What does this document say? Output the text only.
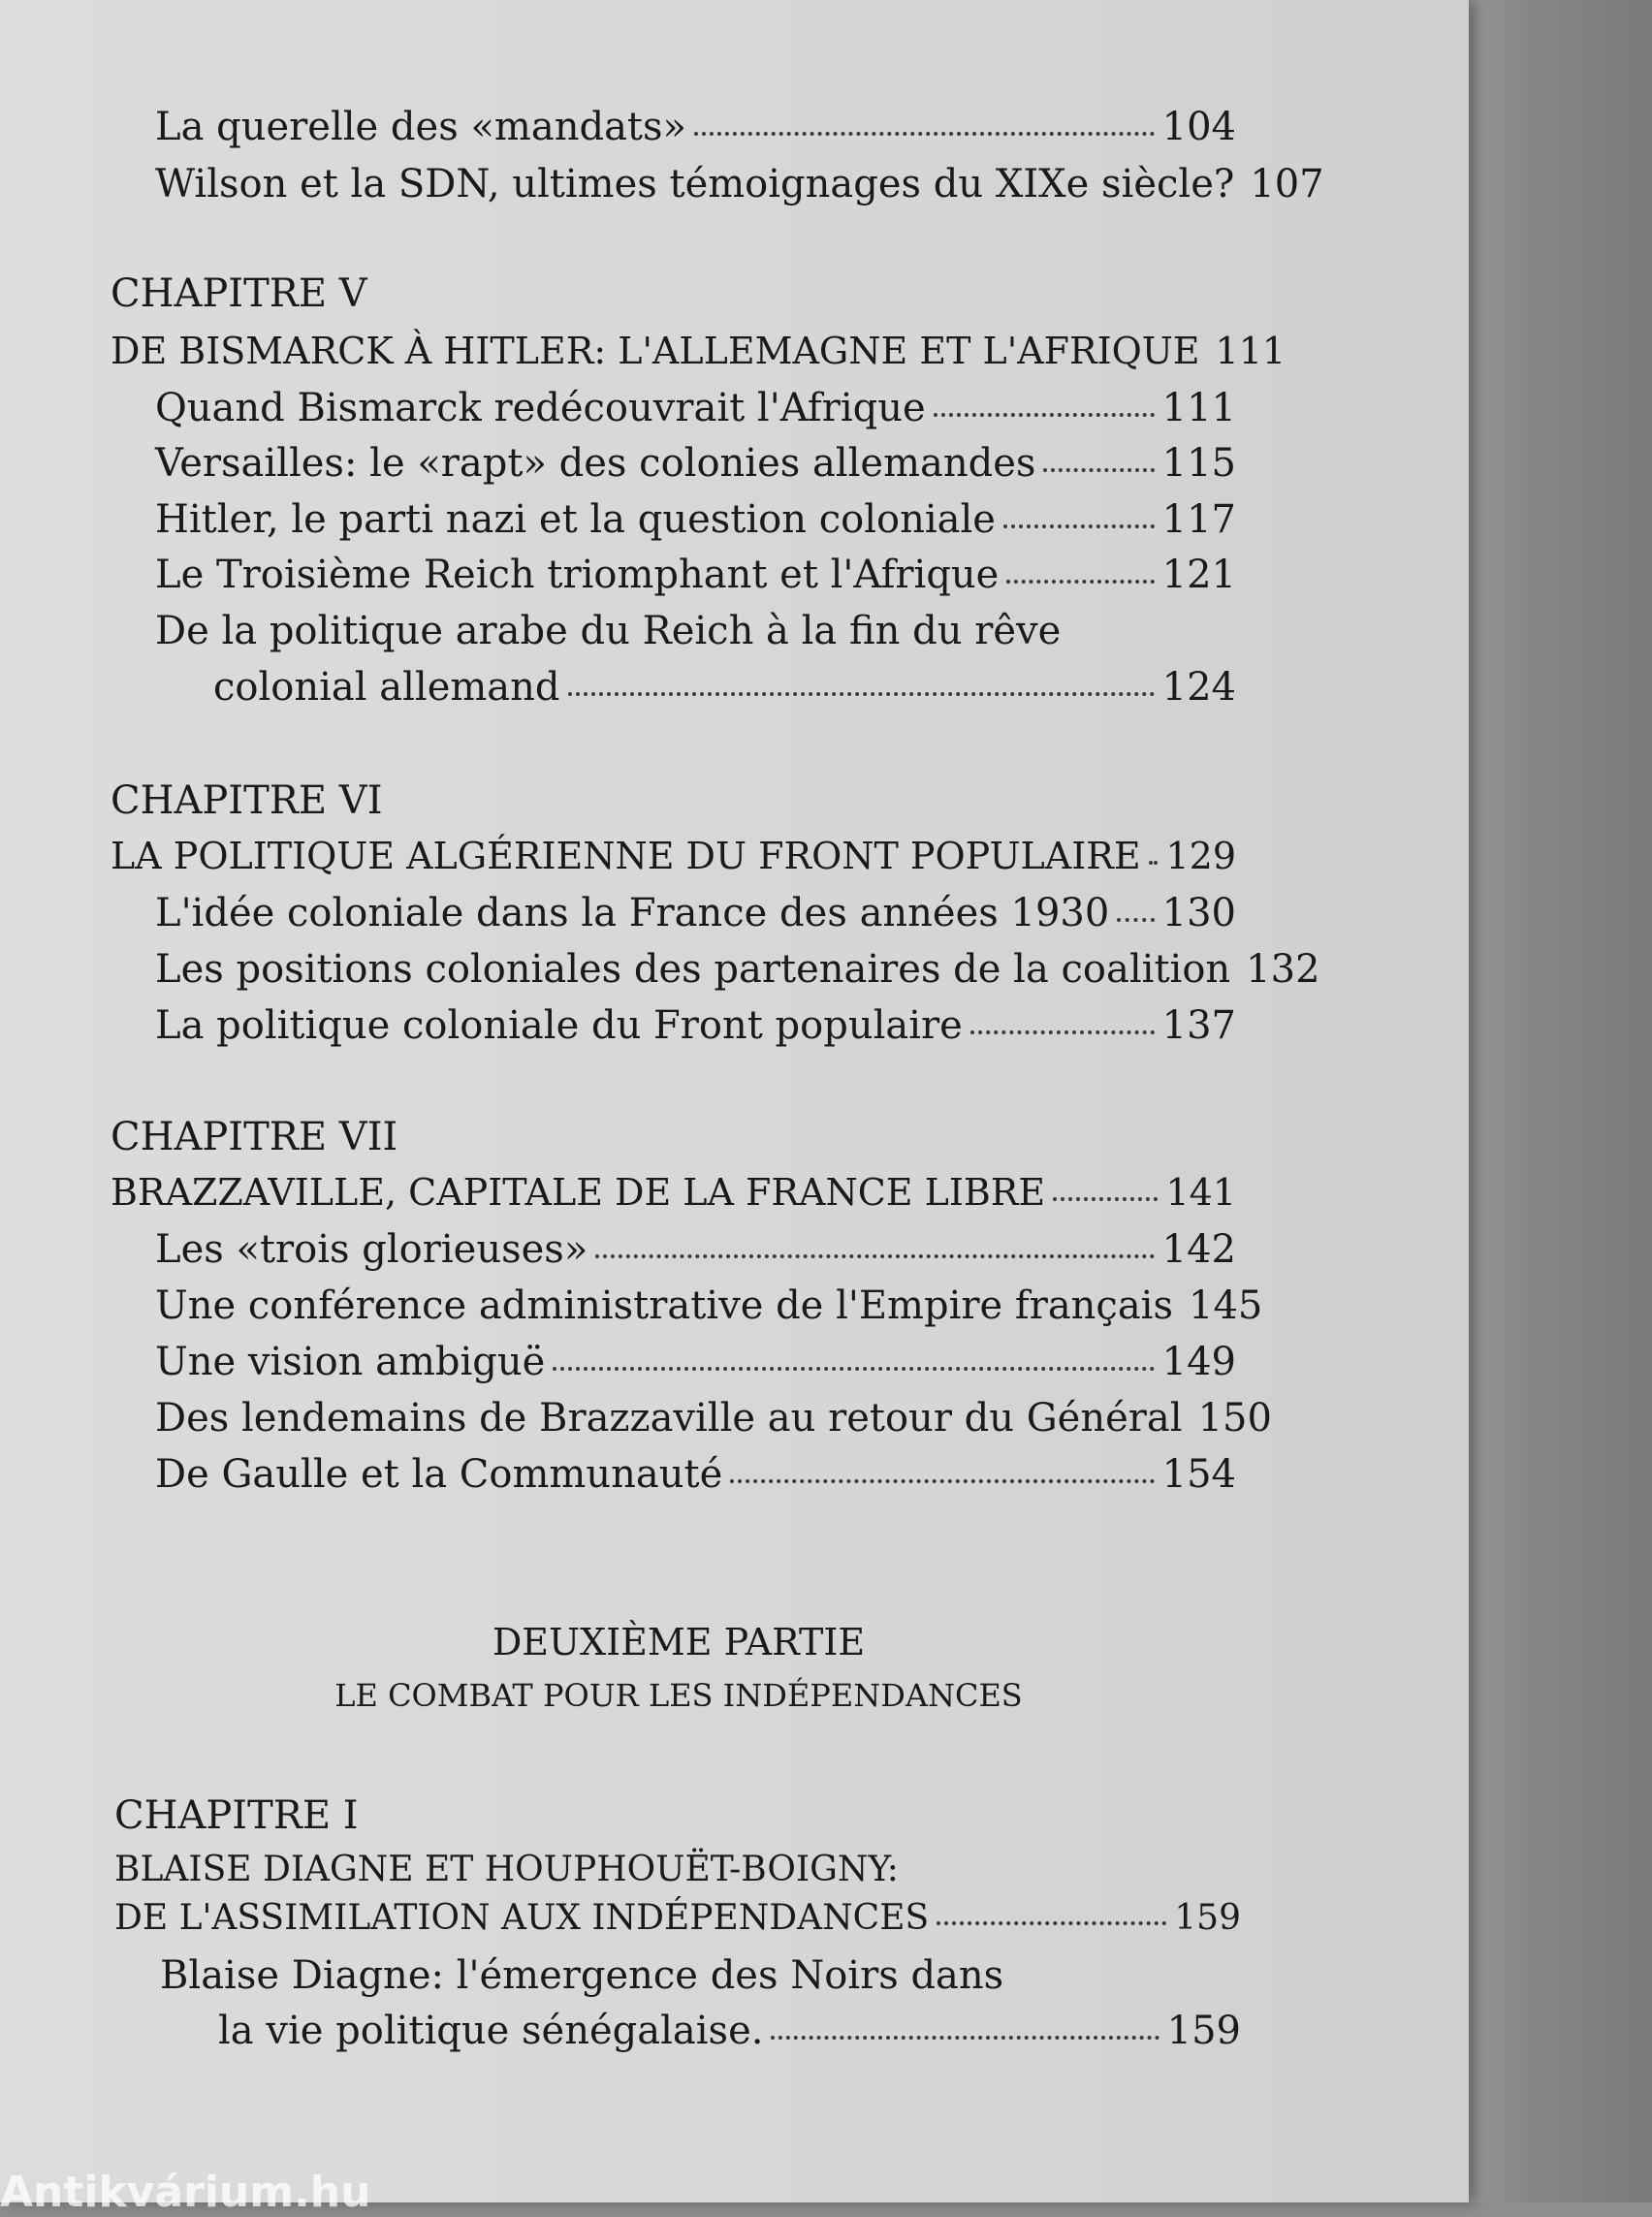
La querelle des «mandats»	104
Wilson et la SDN, ultimes témoignages du XIXe siècle? 107
CHAPITRE V
DE BISMARCK À HITLER: L'ALLEMAGNE ET L'AFRIQUE 111
Quand Bismarck redécouvrait l'Afrique	111
Versailles: le «rapt» des colonies allemandes	115
Hitler, le parti nazi et la question coloniale	117
Le Troisième Reich triomphant et l'Afrique	121
De la politique arabe du Reich à la fin du rêve
colonial allemand	124
CHAPITRE VI
LA POLITIQUE ALGÉRIENNE DU FRONT POPULAIRE 129
L'idée coloniale dans la France des années 1930 130
Les positions coloniales des partenaires de la coalition 132
La politique coloniale du Front populaire	137
CHAPITRE VII
BRAZZAVILLE, CAPITALE DE LA FRANCE LIBRE	141
Les «trois glorieuses»	142
Une conférence administrative de l'Empire français 145
Une vision ambiguë	149
Des lendemains de Brazzaville au retour du Général 150
De Gaulle et la Communauté	154
DEUXIÈME PARTIE
LE COMBAT POUR LES INDÉPENDANCES
CHAPITRE I
BLAISE DIAGNE ET HOUPHOUËT-BOIGNY:
DE L'ASSIMILATION AUX INDÉPENDANCES	159
Blaise Diagne: l'émergence des Noirs dans
la vie politique sénégalaise.	159
Antikvárium.hu
